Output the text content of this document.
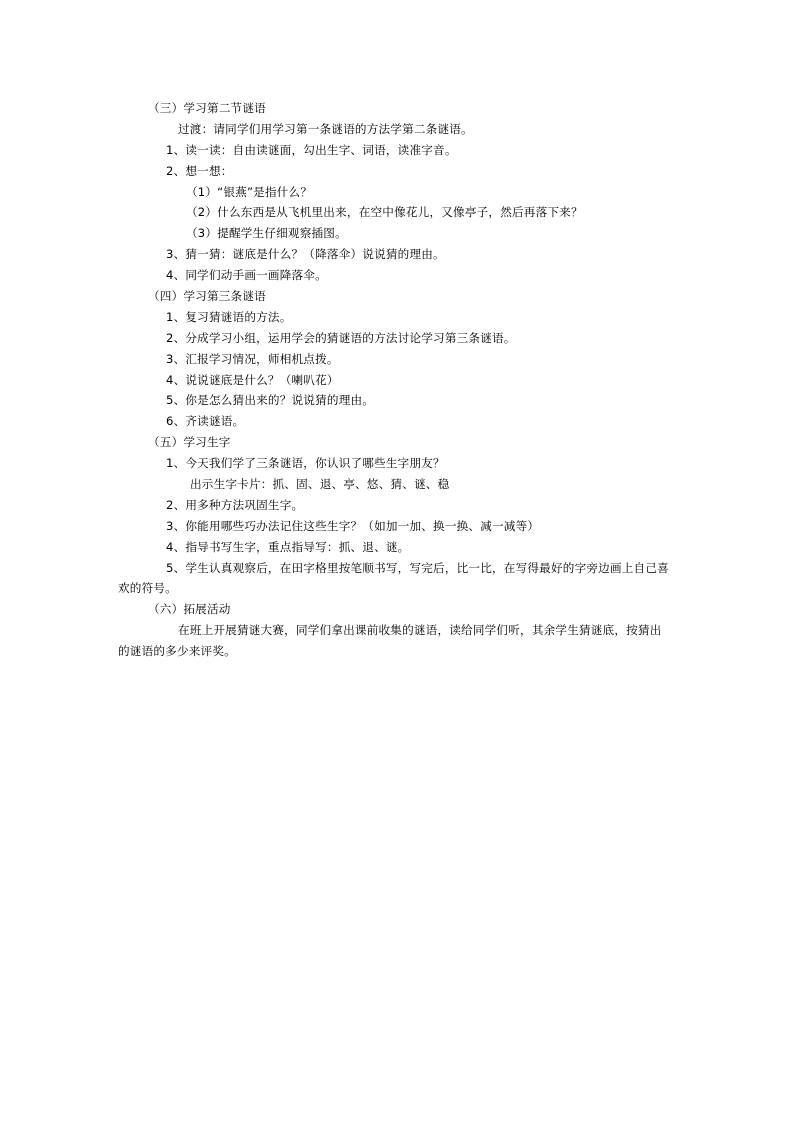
（三）学习第二节谜语
过渡：请同学们用学习第一条谜语的方法学第二条谜语。
1、读一读：自由读谜面，勾出生字、词语，读准字音。
2、想一想：
（1）“银燕”是指什么？
（2）什么东西是从飞机里出来，在空中像花儿，又像亭子，然后再落下来？
（3）提醒学生仔细观察插图。
3、猜一猜：谜底是什么？（降落伞）说说猜的理由。
4、同学们动手画一画降落伞。
（四）学习第三条谜语
1、复习猜谜语的方法。
2、分成学习小组，运用学会的猜谜语的方法讨论学习第三条谜语。
3、汇报学习情况，师相机点拨。
4、说说谜底是什么？（喇叭花）
5、你是怎么猜出来的？说说猜的理由。
6、齐读谜语。
（五）学习生字
1、今天我们学了三条谜语，你认识了哪些生字朋友？
出示生字卡片：抓、固、退、亭、悠、猜、谜、稳
2、用多种方法巩固生字。
3、你能用哪些巧办法记住这些生字？（如加一加、换一换、减一减等）
4、指导书写生字，重点指导写：抓、退、谜。
5、学生认真观察后，在田字格里按笔顺书写，写完后，比一比，在写得最好的字旁边画上自己喜
欢的符号。
（六）拓展活动
在班上开展猜谜大赛，同学们拿出课前收集的谜语，读给同学们听，其余学生猜谜底，按猜出
的谜语的多少来评奖。
